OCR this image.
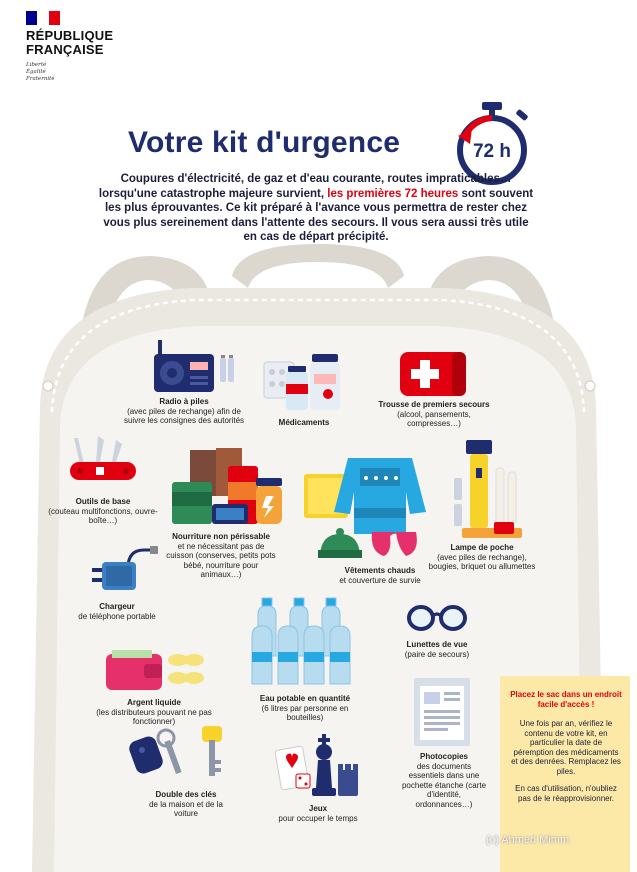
RÉPUBLIQUE
FRANÇAISE
Liberté
Égalité
Fraternité
Votre kit d'urgence	72 h
Coupures d'électricité, de gaz et d'eau courante, routes impraticables… lorsqu'une catastrophe majeure survient, les premières 72 heures sont souvent les plus éprouvantes. Ce kit préparé à l'avance vous permettra de rester chez vous plus sereinement dans l'attente des secours. Il vous sera aussi très utile en cas de départ précipité.
Radio à piles
(avec piles de rechange) afin de suivre les consignes des autorités	Médicaments
Trousse de premiers secours
(alcool, pansements, compresses…)
Outils de base
(couteau multifonctions, ouvre-boîte…)
Nourriture non périssable
et ne nécessitant pas de cuisson (conserves, petits pots bébé, nourriture pour animaux…)	Vêtements chauds
et couverture de survie
Lampe de poche
(avec piles de rechange), bougies, briquet ou allumettes
Chargeur
de téléphone portable
Eau potable en quantité
(6 litres par personne en bouteilles)
Lunettes de vue
(paire de secours)
Argent liquide
(les distributeurs pouvant ne pas fonctionner)
Photocopies
des documents essentiels dans une pochette étanche (carte d'identité, ordonnances…)
Double des clés
de la maison et de la voiture
Jeux
pour occuper le temps
Placez le sac dans un endroit facile d'accès !

Une fois par an, vérifiez le contenu de votre kit, en particulier la date de péremption des médicaments et des denrées. Remplacez les piles.

En cas d'utilisation, n'oubliez pas de le réapprovisionner.

(c) Ahmed Mimm
